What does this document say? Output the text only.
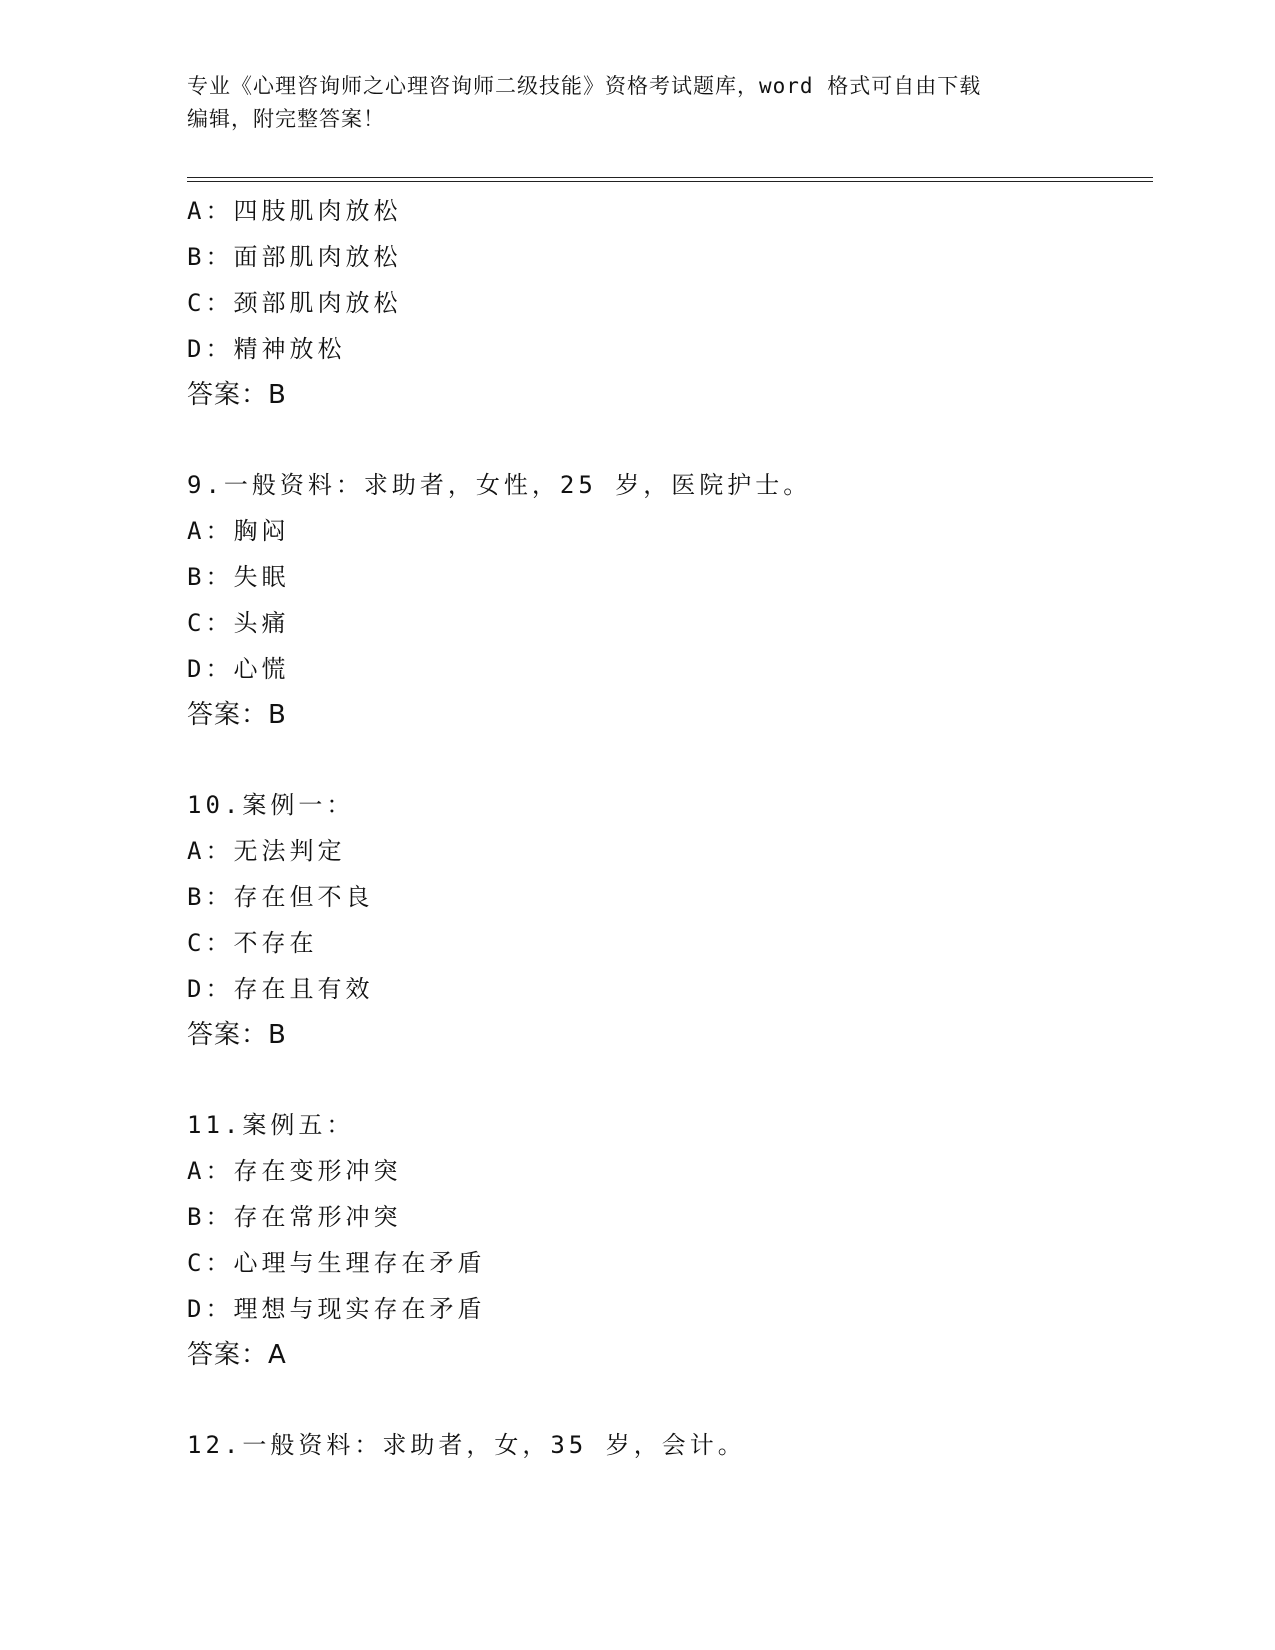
专业《心理咨询师之心理咨询师二级技能》资格考试题库，word 格式可自由下载
编辑，附完整答案！
A：四肢肌肉放松
B：面部肌肉放松
C：颈部肌肉放松
D：精神放松
答案：B
9.一般资料：求助者，女性，25 岁，医院护士。
A：胸闷
B：失眠
C：头痛
D：心慌
答案：B
10.案例一：
A：无法判定
B：存在但不良
C：不存在
D：存在且有效
答案：B
11.案例五：
A：存在变形冲突
B：存在常形冲突
C：心理与生理存在矛盾
D：理想与现实存在矛盾
答案：A
12.一般资料：求助者，女，35 岁，会计。
